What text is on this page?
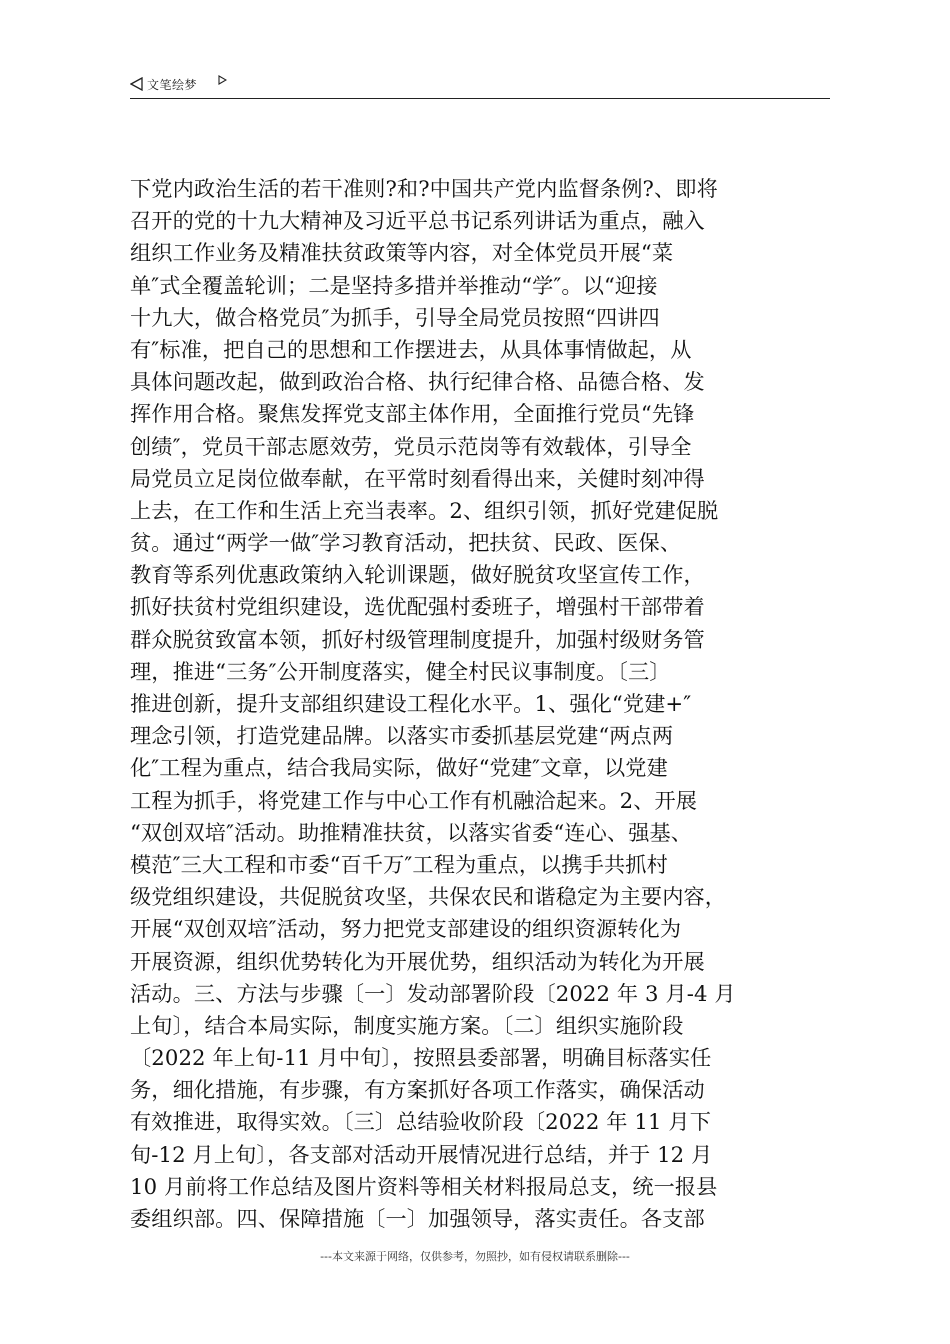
文笔绘梦
下党内政治生活的若干准则?和?中国共产党内监督条例?、即将
召开的党的十九大精神及习近平总书记系列讲话为重点，融入
组织工作业务及精准扶贫政策等内容，对全体党员开展“菜
单″式全覆盖轮训；二是坚持多措并举推动“学″。以“迎接
十九大，做合格党员″为抓手，引导全局党员按照“四讲四
有″标准，把自己的思想和工作摆进去，从具体事情做起，从
具体问题改起，做到政治合格、执行纪律合格、品德合格、发
挥作用合格。聚焦发挥党支部主体作用，全面推行党员“先锋
创绩″，党员干部志愿效劳，党员示范岗等有效载体，引导全
局党员立足岗位做奉献，在平常时刻看得出来，关健时刻冲得
上去，在工作和生活上充当表率。2、组织引领，抓好党建促脱
贫。通过“两学一做″学习教育活动，把扶贫、民政、医保、
教育等系列优惠政策纳入轮训课题，做好脱贫攻坚宣传工作，
抓好扶贫村党组织建设，选优配强村委班子，增强村干部带着
群众脱贫致富本领，抓好村级管理制度提升，加强村级财务管
理，推进“三务″公开制度落实，健全村民议事制度。〔三〕
推进创新，提升支部组织建设工程化水平。1、强化“党建+″
理念引领，打造党建品牌。以落实市委抓基层党建“两点两
化″工程为重点，结合我局实际，做好“党建″文章，以党建
工程为抓手，将党建工作与中心工作有机融洽起来。2、开展
“双创双培″活动。助推精准扶贫，以落实省委“连心、强基、
模范″三大工程和市委“百千万″工程为重点，以携手共抓村
级党组织建设，共促脱贫攻坚，共保农民和谐稳定为主要内容，
开展“双创双培″活动，努力把党支部建设的组织资源转化为
开展资源，组织优势转化为开展优势，组织活动为转化为开展
活动。三、方法与步骤〔一〕发动部署阶段〔2022 年 3 月-4 月
上旬〕，结合本局实际，制度实施方案。〔二〕组织实施阶段
〔2022 年上旬-11 月中旬〕，按照县委部署，明确目标落实任
务，细化措施，有步骤，有方案抓好各项工作落实，确保活动
有效推进，取得实效。〔三〕总结验收阶段〔2022 年 11 月下
旬-12 月上旬〕，各支部对活动开展情况进行总结，并于 12 月
10 月前将工作总结及图片资料等相关材料报局总支，统一报县
委组织部。四、保障措施〔一〕加强领导，落实责任。各支部
---本文来源于网络，仅供参考，勿照抄，如有侵权请联系删除---
